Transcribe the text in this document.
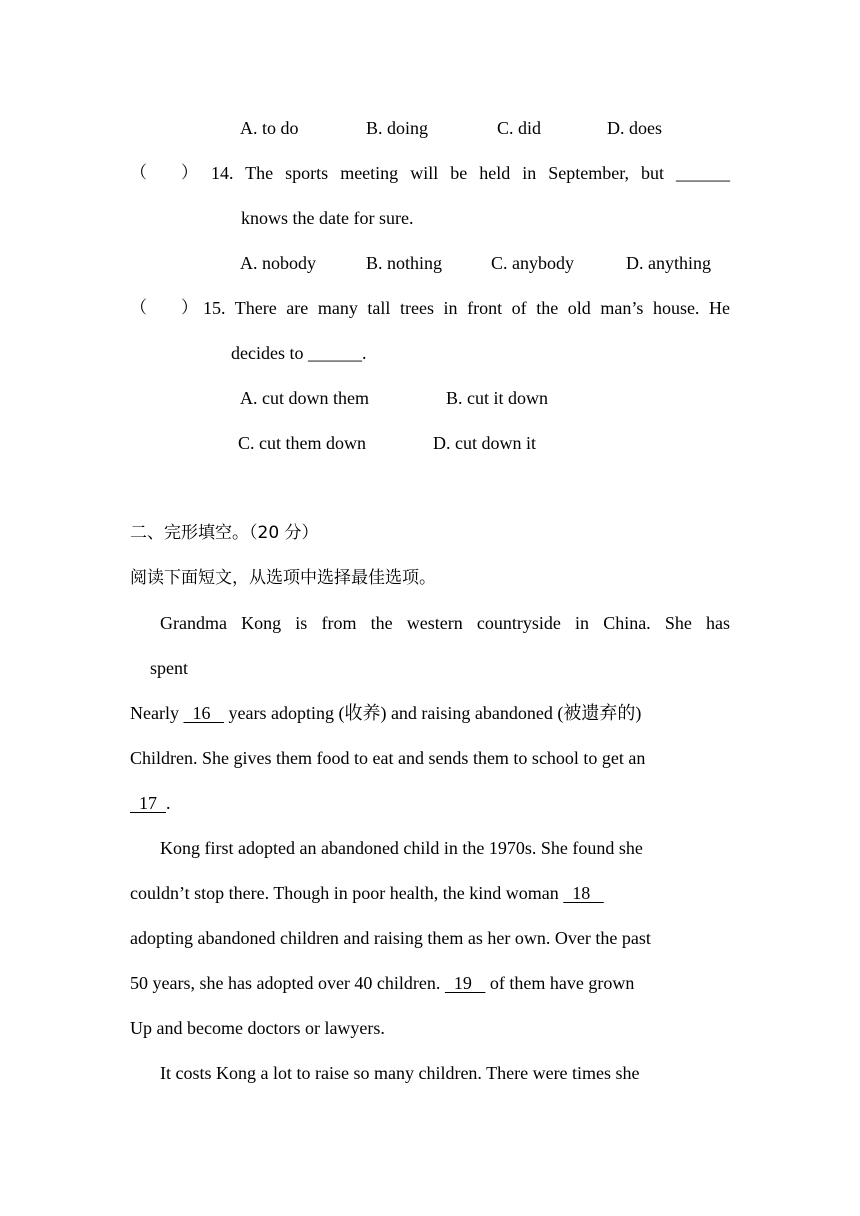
A. to do	B. doing	C. did	D. does
（　　） 14. The sports meeting will be held in September, but ______
knows the date for sure.
A. nobody	B. nothing	C. anybody	D. anything
（　　） 15. There are many tall trees in front of the old man’s house. He
decides to ______.
A. cut down them	B. cut it down
C. cut them down	D. cut down it
二、完形填空。（20 分）
阅读下面短文，从选项中选择最佳选项。
Grandma Kong is from the western countryside in China. She has
spent
Nearly   16    years adopting (收养) and raising abandoned (被遗弃的)
Children. She gives them food to eat and sends them to school to get an
17  .
Kong first adopted an abandoned child in the 1970s. She found she
couldn’t stop there. Though in poor health, the kind woman   18
adopting abandoned children and raising them as her own. Over the past
50 years, she has adopted over 40 children.   19    of them have grown
Up and become doctors or lawyers.
It costs Kong a lot to raise so many children. There were times she
